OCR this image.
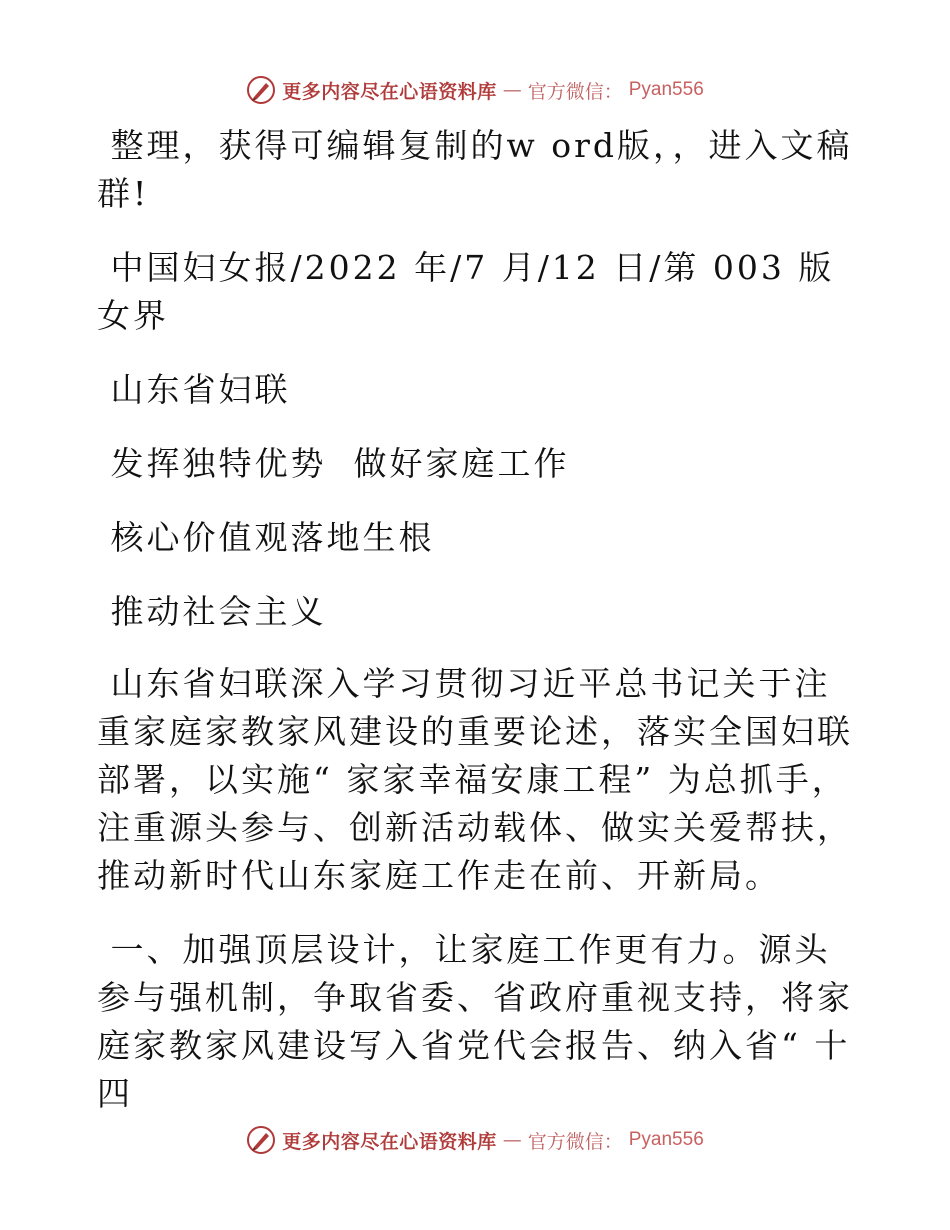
更多内容尽在心语资料库 — 官方微信： Pyan556

整理，获得可编辑复制的w ord版，，进入文稿群!

中国妇女报/2022 年/7 月/12 日/第 003 版女界

山东省妇联

发挥独特优势  做好家庭工作

核心价值观落地生根

推动社会主义

山东省妇联深入学习贯彻习近平总书记关于注重家庭家教家风建设的重要论述，落实全国妇联部署，以实施“ 家家幸福安康工程” 为总抓手，注重源头参与、创新活动载体、做实关爱帮扶，推动新时代山东家庭工作走在前、开新局。

一、加强顶层设计，让家庭工作更有力。源头参与强机制，争取省委、省政府重视支持，将家庭家教家风建设写入省党代会报告、纳入省“ 十四

更多内容尽在心语资料库 — 官方微信： Pyan556
